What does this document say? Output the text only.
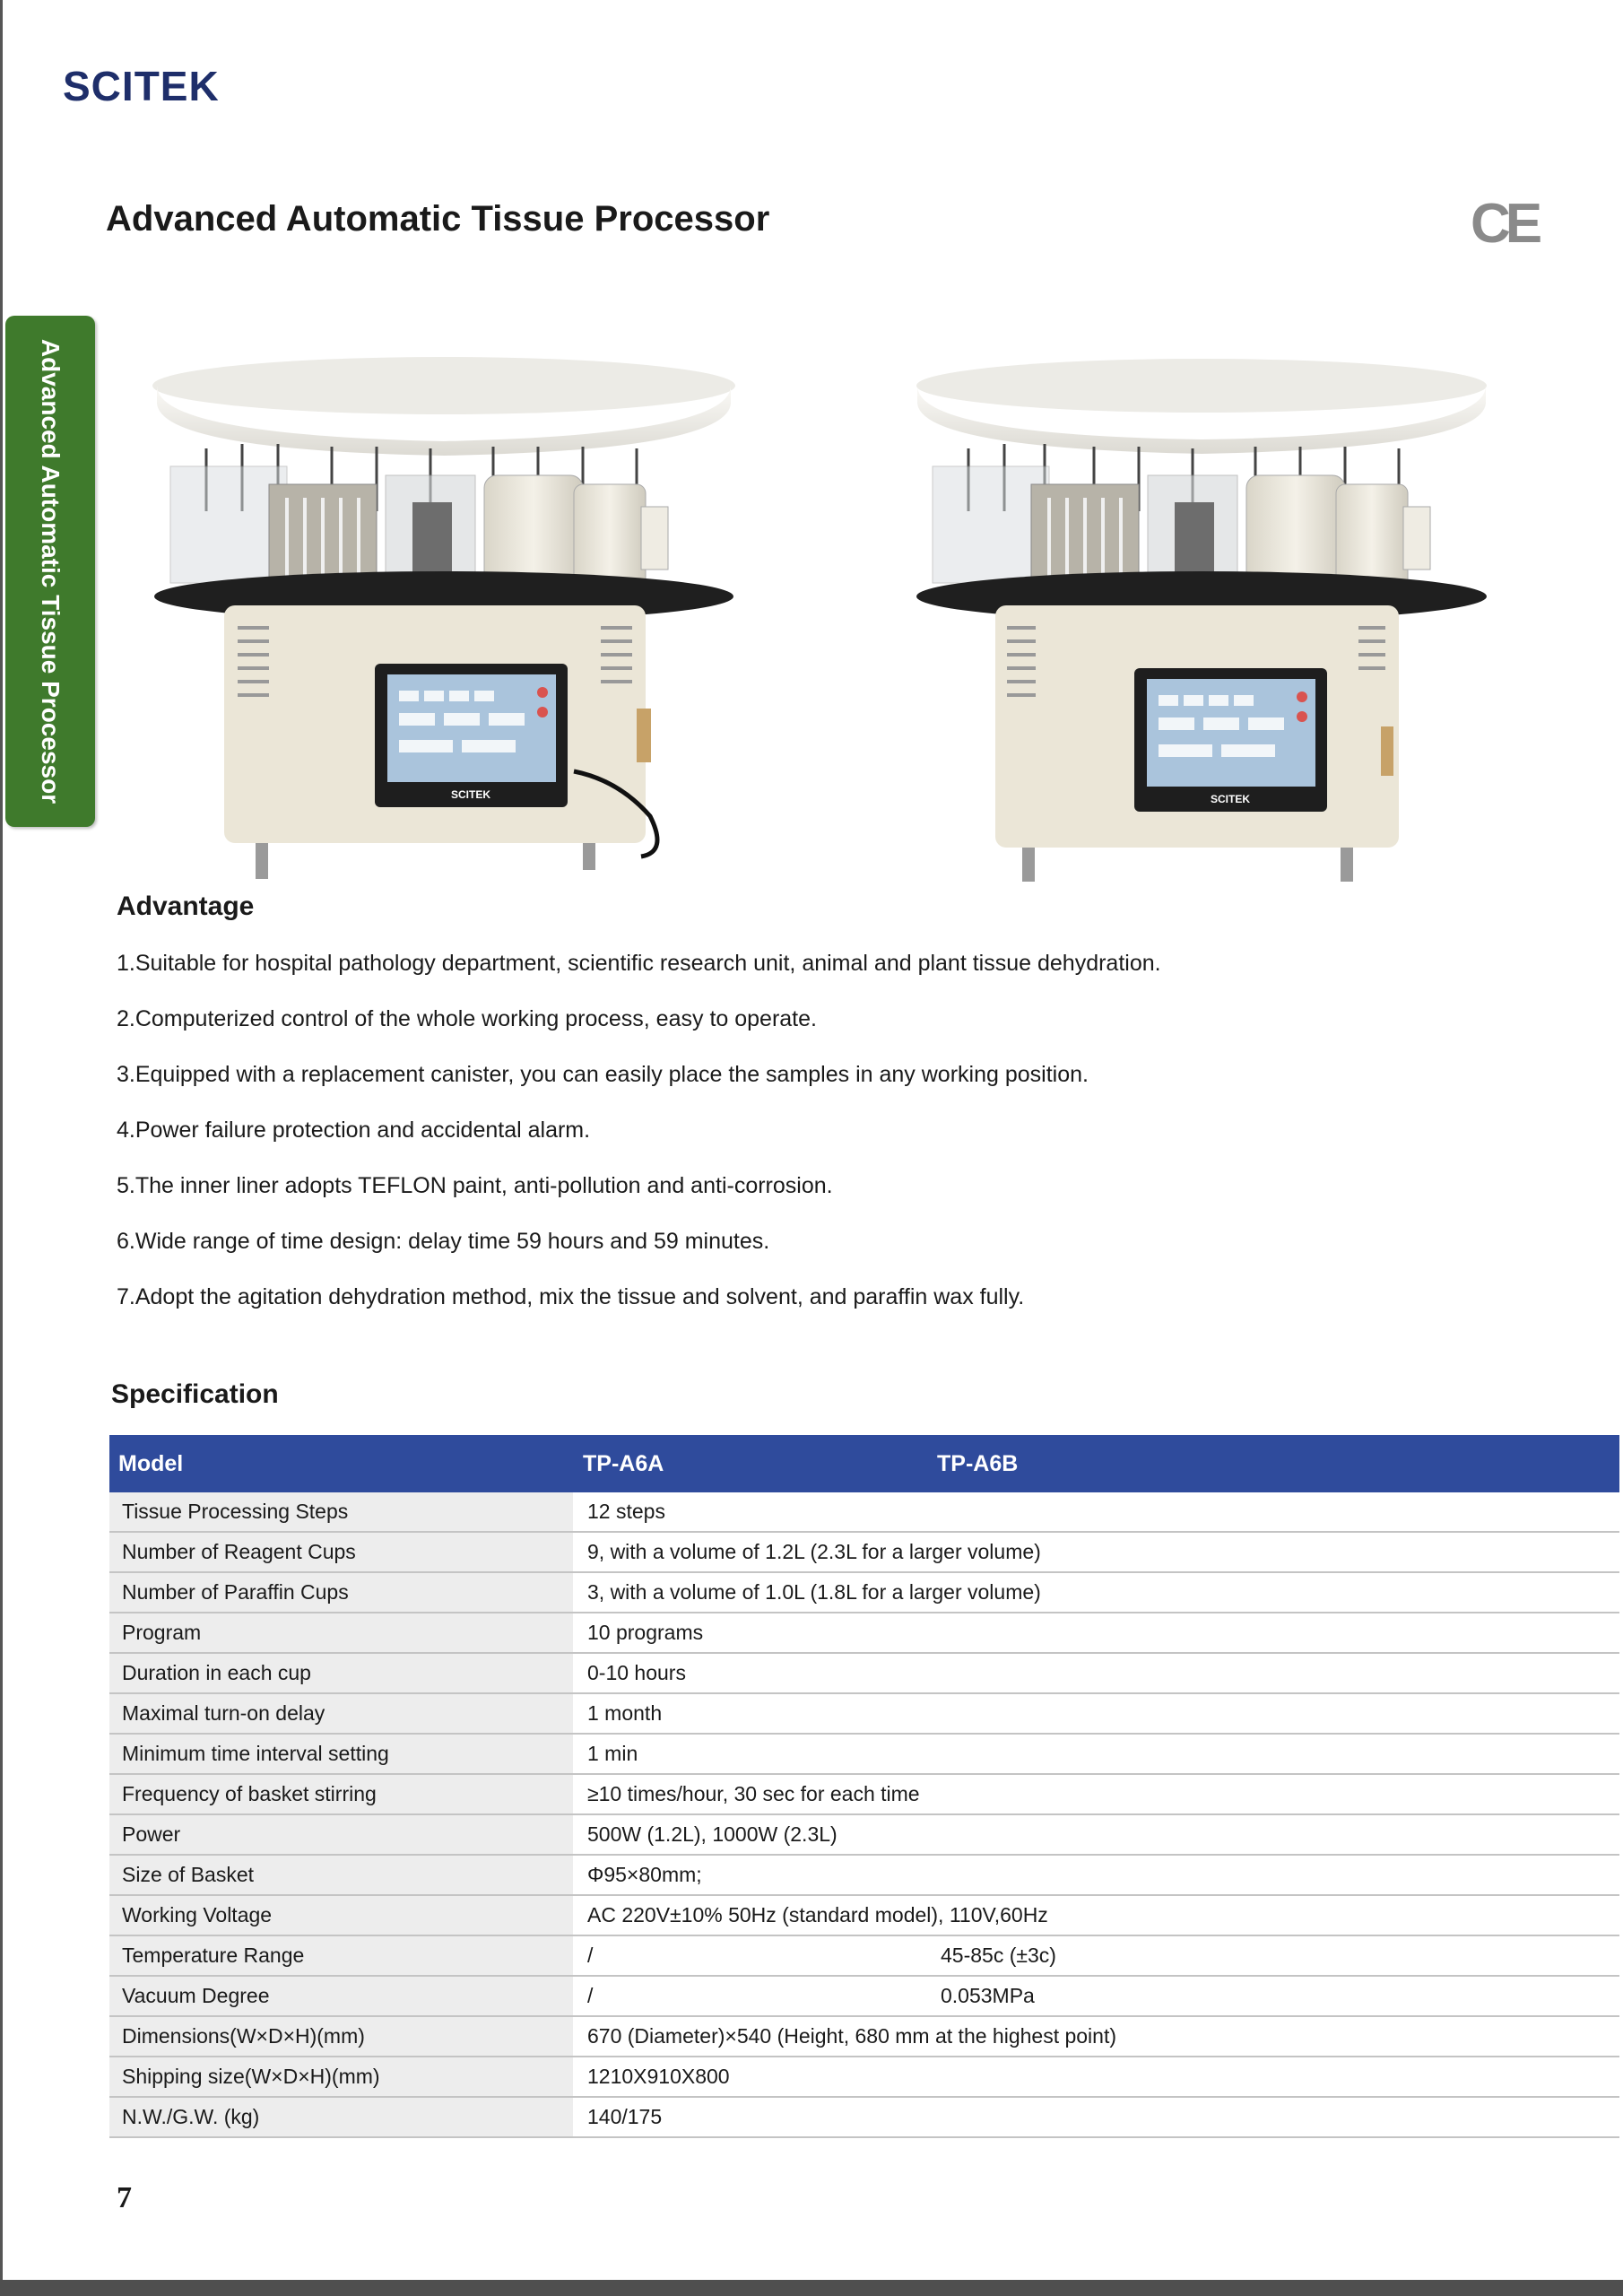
SCITEK
Advanced Automatic Tissue Processor	CE
Advanced Automatic Tissue Processor	SCITEK	SCITEK
Advantage
1.Suitable for hospital pathology department, scientific research unit, animal and plant tissue dehydration.
2.Computerized control of the whole working process, easy to operate.
3.Equipped with a replacement canister, you can easily place the samples in any working position.
4.Power failure protection and accidental alarm.
5.The inner liner adopts TEFLON paint, anti-pollution and anti-corrosion.
6.Wide range of time design: delay time 59 hours and 59 minutes.
7.Adopt the agitation dehydration method, mix the tissue and solvent, and paraffin wax fully.
Specification
Model	TP-A6A	TP-A6B
Tissue Processing Steps	12 steps	
Number of Reagent Cups	9, with a volume of 1.2L (2.3L for a larger volume)	
Number of Paraffin Cups	3, with a volume of 1.0L (1.8L for a larger volume)	
Program	10 programs	
Duration in each cup	0-10 hours	
Maximal turn-on delay	1 month	
Minimum time interval setting	1 min	
Frequency of basket stirring	≥10 times/hour, 30 sec for each time	
Power	500W (1.2L), 1000W (2.3L)	
Size of Basket	Φ95×80mm;	
Working Voltage	AC 220V±10% 50Hz (standard model), 110V,60Hz	
Temperature Range	/	45-85c (±3c)
Vacuum Degree	/	0.053MPa
Dimensions(W×D×H)(mm)	670 (Diameter)×540 (Height, 680 mm at the highest point)	
Shipping size(W×D×H)(mm)	1210X910X800	
N.W./G.W. (kg)	140/175	
7
